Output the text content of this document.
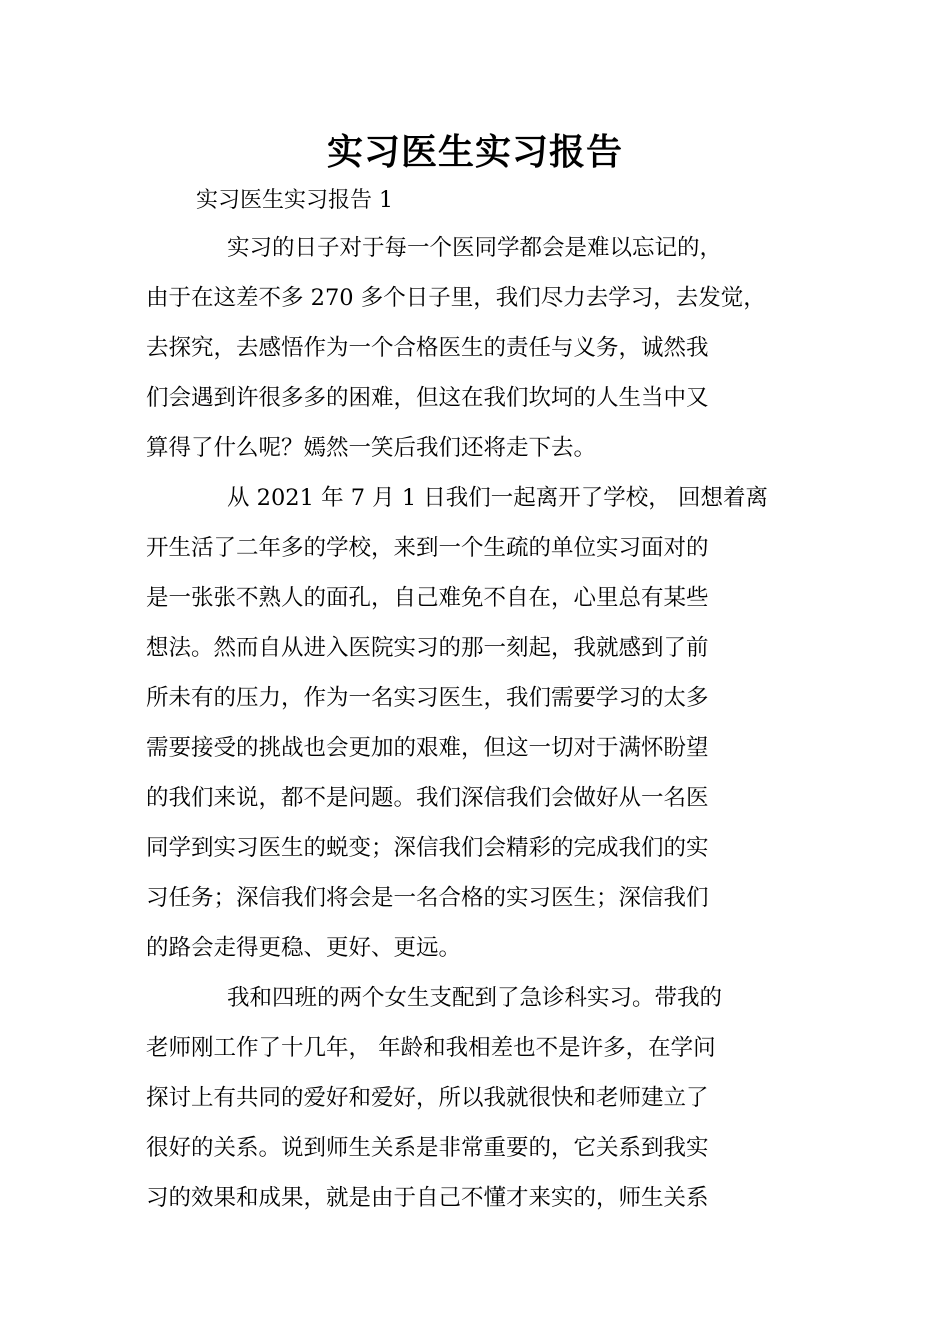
实习医生实习报告
实习医生实习报告 1
实习的日子对于每一个医同学都会是难以忘记的，
由于在这差不多 270 多个日子里，我们尽力去学习，去发觉，
去探究，去感悟作为一个合格医生的责任与义务，诚然我
们会遇到许很多多的困难，但这在我们坎坷的人生当中又
算得了什么呢？嫣然一笑后我们还将走下去。
从 2021 年 7 月 1 日我们一起离开了学校， 回想着离
开生活了二年多的学校，来到一个生疏的单位实习面对的
是一张张不熟人的面孔，自己难免不自在，心里总有某些
想法。然而自从进入医院实习的那一刻起，我就感到了前
所未有的压力，作为一名实习医生，我们需要学习的太多
需要接受的挑战也会更加的艰难，但这一切对于满怀盼望
的我们来说，都不是问题。我们深信我们会做好从一名医
同学到实习医生的蜕变；深信我们会精彩的完成我们的实
习任务；深信我们将会是一名合格的实习医生；深信我们
的路会走得更稳、更好、更远。
我和四班的两个女生支配到了急诊科实习。带我的
老师刚工作了十几年， 年龄和我相差也不是许多，在学问
探讨上有共同的爱好和爱好，所以我就很快和老师建立了
很好的关系。说到师生关系是非常重要的，它关系到我实
习的效果和成果，就是由于自己不懂才来实的，师生关系
